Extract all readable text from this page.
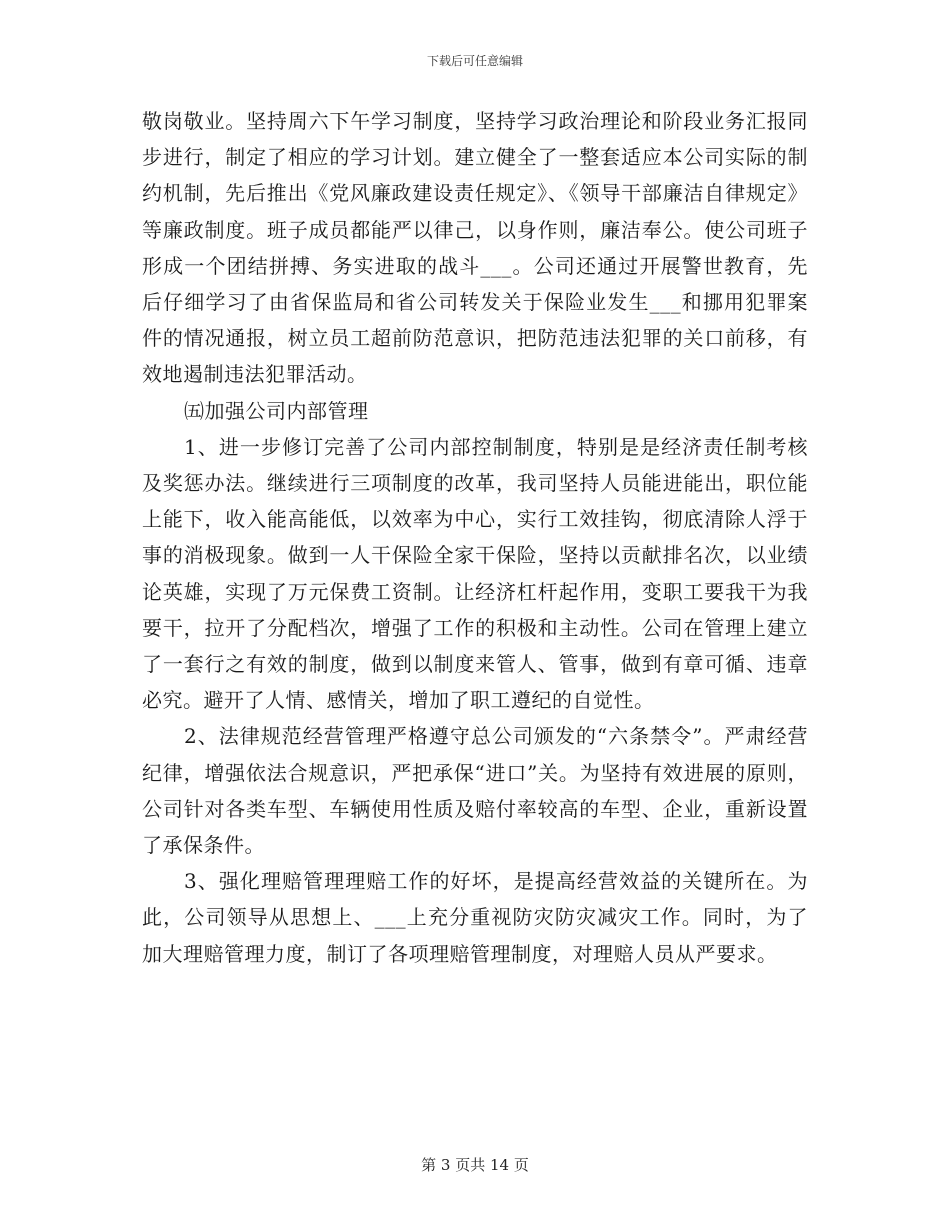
下载后可任意编辑

敬岗敬业。坚持周六下午学习制度，坚持学习政治理论和阶段业务汇报同步进行，制定了相应的学习计划。建立健全了一整套适应本公司实际的制约机制，先后推出《党风廉政建设责任规定》、《领导干部廉洁自律规定》等廉政制度。班子成员都能严以律己，以身作则，廉洁奉公。使公司班子形成一个团结拼搏、务实进取的战斗___。公司还通过开展警世教育，先后仔细学习了由省保监局和省公司转发关于保险业发生___和挪用犯罪案件的情况通报，树立员工超前防范意识，把防范违法犯罪的关口前移，有效地遏制违法犯罪活动。

㈤加强公司内部管理

1、进一步修订完善了公司内部控制制度，特别是是经济责任制考核及奖惩办法。继续进行三项制度的改革，我司坚持人员能进能出，职位能上能下，收入能高能低，以效率为中心，实行工效挂钩，彻底清除人浮于事的消极现象。做到一人干保险全家干保险，坚持以贡献排名次，以业绩论英雄，实现了万元保费工资制。让经济杠杆起作用，变职工要我干为我要干，拉开了分配档次，增强了工作的积极和主动性。公司在管理上建立了一套行之有效的制度，做到以制度来管人、管事，做到有章可循、违章必究。避开了人情、感情关，增加了职工遵纪的自觉性。

2、法律规范经营管理严格遵守总公司颁发的“六条禁令”。严肃经营纪律，增强依法合规意识，严把承保“进口”关。为坚持有效进展的原则，公司针对各类车型、车辆使用性质及赔付率较高的车型、企业，重新设置了承保条件。

3、强化理赔管理理赔工作的好坏，是提高经营效益的关键所在。为此，公司领导从思想上、___上充分重视防灾防灾减灾工作。同时，为了加大理赔管理力度，制订了各项理赔管理制度，对理赔人员从严要求。

第 3 页共 14 页
